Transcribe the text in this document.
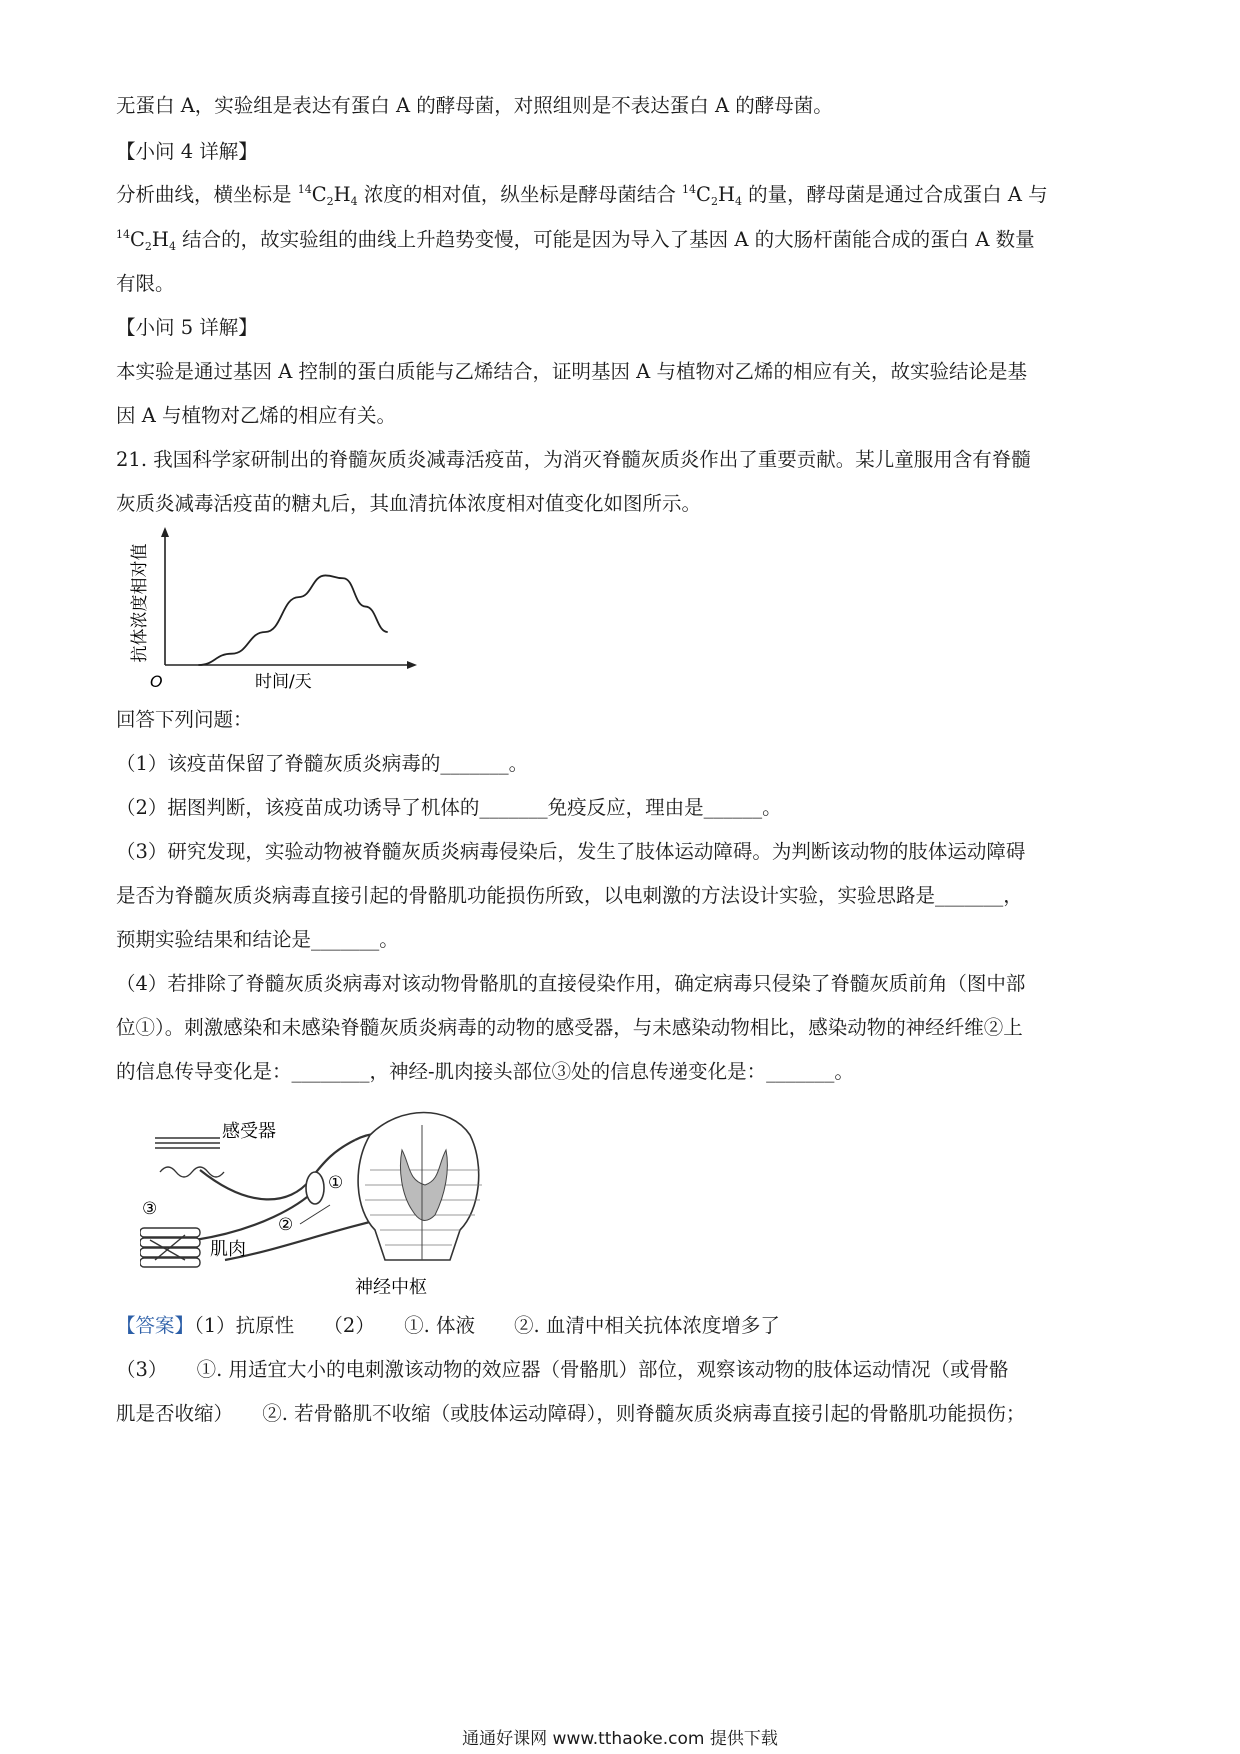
无蛋白 A，实验组是表达有蛋白 A 的酵母菌，对照组则是不表达蛋白 A 的酵母菌。
【小问 4 详解】
分析曲线，横坐标是 $^{14}C_2H_4$ 浓度的相对值，纵坐标是酵母菌结合 $^{14}C_2H_4$ 的量，酵母菌是通过合成蛋白 A 与
$^{14}C_2H_4$ 结合的，故实验组的曲线上升趋势变慢，可能是因为导入了基因 A 的大肠杆菌能合成的蛋白 A 数量
有限。
【小问 5 详解】
本实验是通过基因 A 控制的蛋白质能与乙烯结合，证明基因 A 与植物对乙烯的相应有关，故实验结论是基
因 A 与植物对乙烯的相应有关。
21. 我国科学家研制出的脊髓灰质炎减毒活疫苗，为消灭脊髓灰质炎作出了重要贡献。某儿童服用含有脊髓
灰质炎减毒活疫苗的糖丸后，其血清抗体浓度相对值变化如图所示。
O	时间/天
抗体浓度相对值
回答下列问题：
（1）该疫苗保留了脊髓灰质炎病毒的_______。
（2）据图判断，该疫苗成功诱导了机体的_______免疫反应，理由是______。
（3）研究发现，实验动物被脊髓灰质炎病毒侵染后，发生了肢体运动障碍。为判断该动物的肢体运动障碍
是否为脊髓灰质炎病毒直接引起的骨骼肌功能损伤所致，以电刺激的方法设计实验，实验思路是_______，
预期实验结果和结论是_______。
（4）若排除了脊髓灰质炎病毒对该动物骨骼肌的直接侵染作用，确定病毒只侵染了脊髓灰质前角（图中部
位①）。刺激感染和未感染脊髓灰质炎病毒的动物的感受器，与未感染动物相比，感染动物的神经纤维②上
的信息传导变化是：________，神经-肌肉接头部位③处的信息传递变化是：_______。
感受器
肌肉
神经中枢
①
②
③
【答案】（1）抗原性　　（2）　　①. 体液　　②. 血清中相关抗体浓度增多了
（3）　　①. 用适宜大小的电刺激该动物的效应器（骨骼肌）部位，观察该动物的肢体运动情况（或骨骼
肌是否收缩）　　②. 若骨骼肌不收缩（或肢体运动障碍），则脊髓灰质炎病毒直接引起的骨骼肌功能损伤；
通通好课网 www.tthaoke.com 提供下载
